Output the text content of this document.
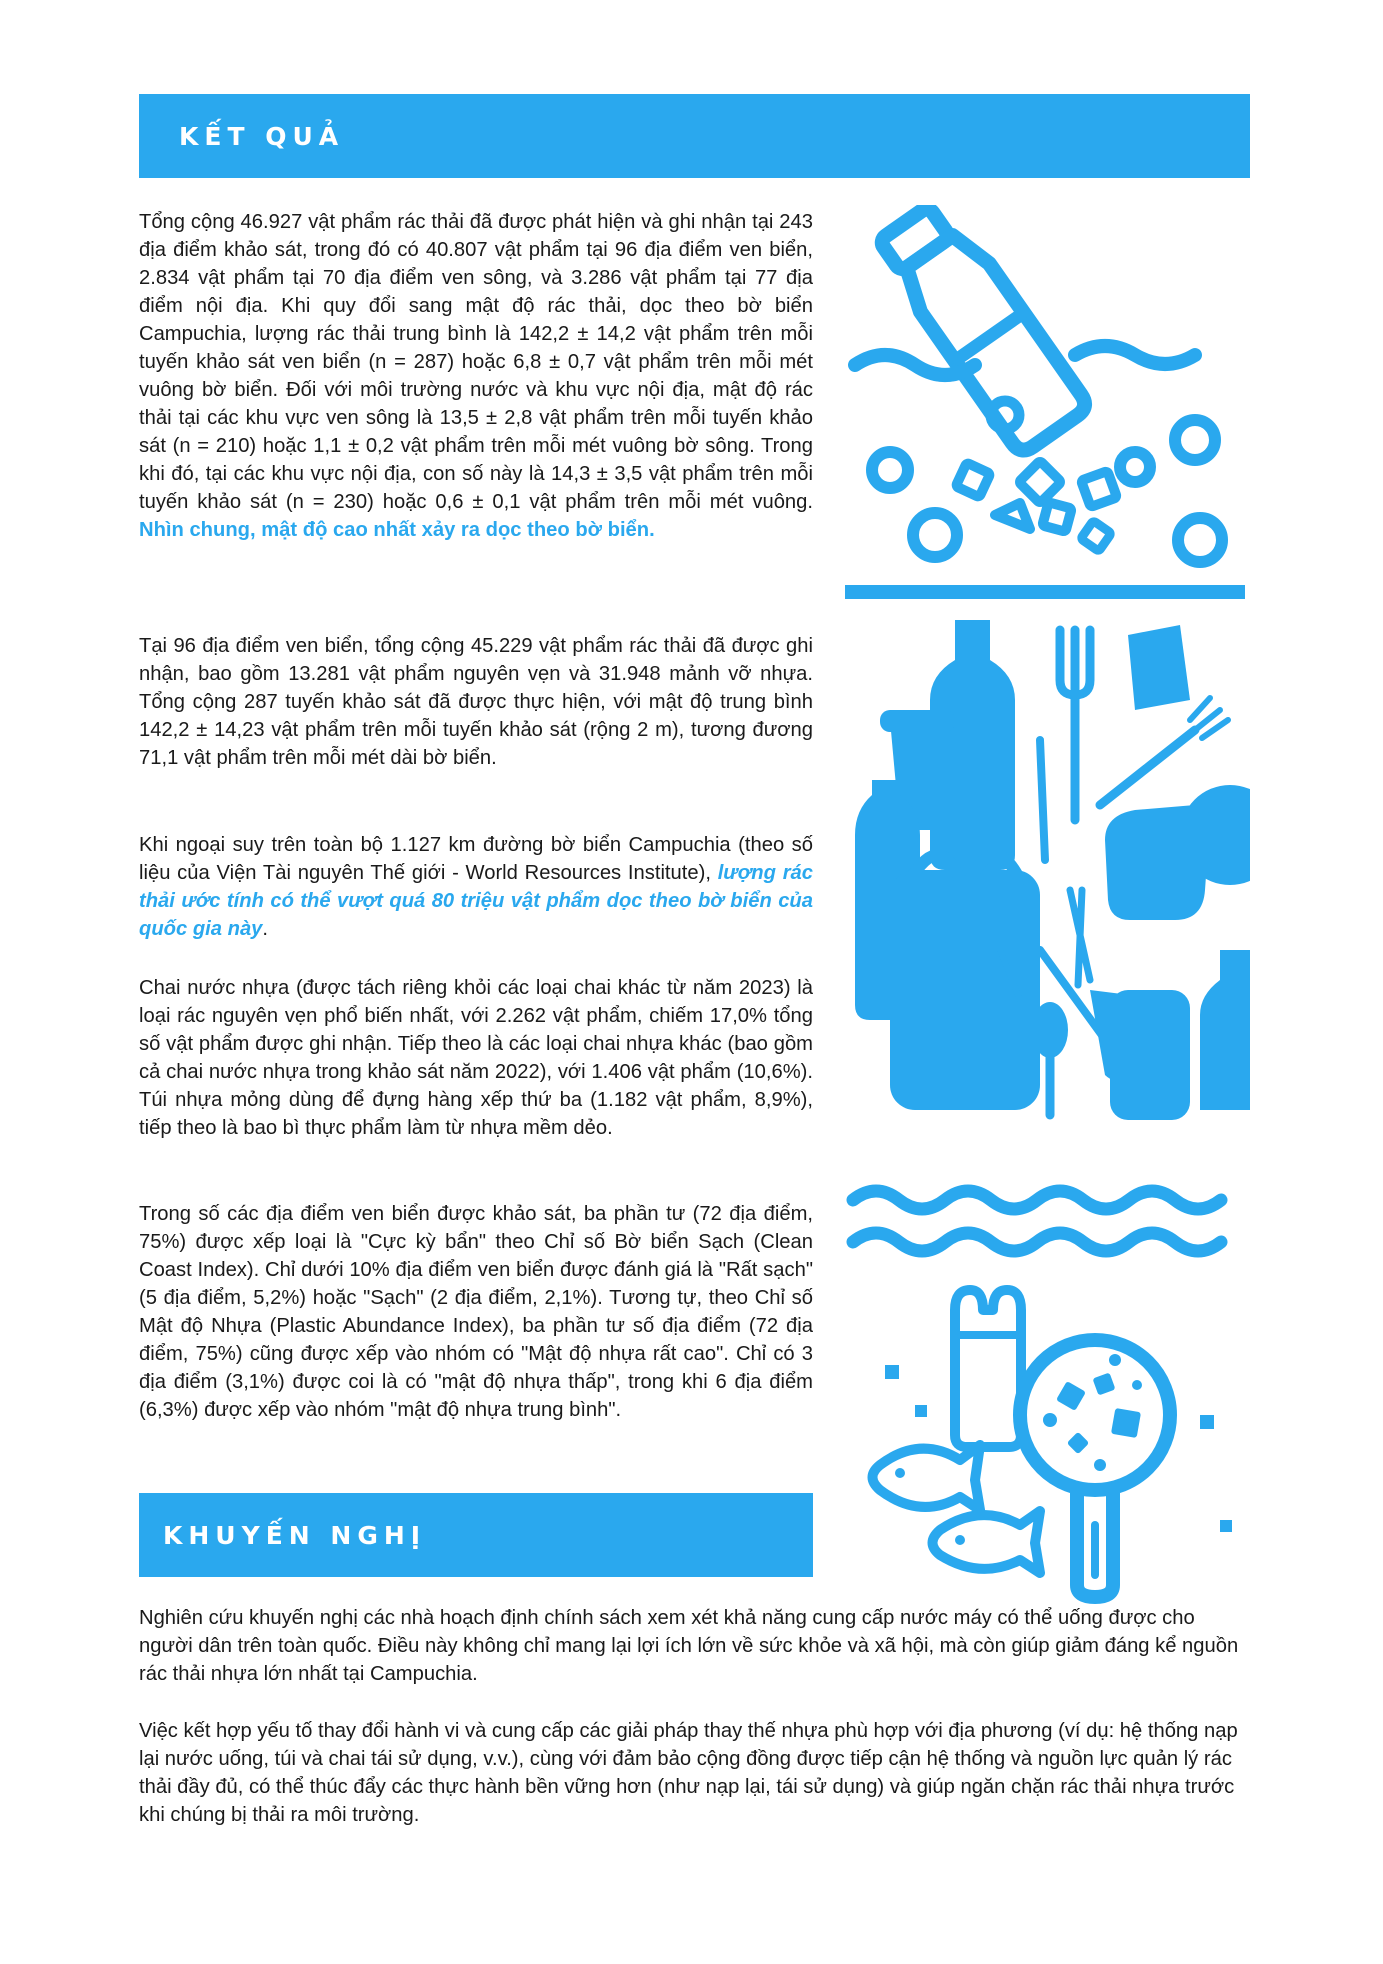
KẾT QUẢ

Tổng cộng 46.927 vật phẩm rác thải đã được phát hiện và ghi nhận tại 243 địa điểm khảo sát, trong đó có 40.807 vật phẩm tại 96 địa điểm ven biển, 2.834 vật phẩm tại 70 địa điểm ven sông, và 3.286 vật phẩm tại 77 địa điểm nội địa. Khi quy đổi sang mật độ rác thải, dọc theo bờ biển Campuchia, lượng rác thải trung bình là 142,2 ± 14,2 vật phẩm trên mỗi tuyến khảo sát ven biển (n = 287) hoặc 6,8 ± 0,7 vật phẩm trên mỗi mét vuông bờ biển. Đối với môi trường nước và khu vực nội địa, mật độ rác thải tại các khu vực ven sông là 13,5 ± 2,8 vật phẩm trên mỗi tuyến khảo sát (n = 210) hoặc 1,1 ± 0,2 vật phẩm trên mỗi mét vuông bờ sông. Trong khi đó, tại các khu vực nội địa, con số này là 14,3 ± 3,5 vật phẩm trên mỗi tuyến khảo sát (n = 230) hoặc 0,6 ± 0,1 vật phẩm trên mỗi mét vuông. Nhìn chung, mật độ cao nhất xảy ra dọc theo bờ biển.

Tại 96 địa điểm ven biển, tổng cộng 45.229 vật phẩm rác thải đã được ghi nhận, bao gồm 13.281 vật phẩm nguyên vẹn và 31.948 mảnh vỡ nhựa. Tổng cộng 287 tuyến khảo sát đã được thực hiện, với mật độ trung bình 142,2 ± 14,23 vật phẩm trên mỗi tuyến khảo sát (rộng 2 m), tương đương 71,1 vật phẩm trên mỗi mét dài bờ biển.

Khi ngoại suy trên toàn bộ 1.127 km đường bờ biển Campuchia (theo số liệu của Viện Tài nguyên Thế giới - World Resources Institute), lượng rác thải ước tính có thể vượt quá 80 triệu vật phẩm dọc theo bờ biển của quốc gia này.

Chai nước nhựa (được tách riêng khỏi các loại chai khác từ năm 2023) là loại rác nguyên vẹn phổ biến nhất, với 2.262 vật phẩm, chiếm 17,0% tổng số vật phẩm được ghi nhận. Tiếp theo là các loại chai nhựa khác (bao gồm cả chai nước nhựa trong khảo sát năm 2022), với 1.406 vật phẩm (10,6%). Túi nhựa mỏng dùng để đựng hàng xếp thứ ba (1.182 vật phẩm, 8,9%), tiếp theo là bao bì thực phẩm làm từ nhựa mềm dẻo.

Trong số các địa điểm ven biển được khảo sát, ba phần tư (72 địa điểm, 75%) được xếp loại là "Cực kỳ bẩn" theo Chỉ số Bờ biển Sạch (Clean Coast Index). Chỉ dưới 10% địa điểm ven biển được đánh giá là "Rất sạch" (5 địa điểm, 5,2%) hoặc "Sạch" (2 địa điểm, 2,1%). Tương tự, theo Chỉ số Mật độ Nhựa (Plastic Abundance Index), ba phần tư số địa điểm (72 địa điểm, 75%) cũng được xếp vào nhóm có "Mật độ nhựa rất cao". Chỉ có 3 địa điểm (3,1%) được coi là có "mật độ nhựa thấp", trong khi 6 địa điểm (6,3%) được xếp vào nhóm "mật độ nhựa trung bình".

KHUYẾN NGHỊ

Nghiên cứu khuyến nghị các nhà hoạch định chính sách xem xét khả năng cung cấp nước máy có thể uống được cho người dân trên toàn quốc. Điều này không chỉ mang lại lợi ích lớn về sức khỏe và xã hội, mà còn giúp giảm đáng kể nguồn rác thải nhựa lớn nhất tại Campuchia.

Việc kết hợp yếu tố thay đổi hành vi và cung cấp các giải pháp thay thế nhựa phù hợp với địa phương (ví dụ: hệ thống nạp lại nước uống, túi và chai tái sử dụng, v.v.), cùng với đảm bảo cộng đồng được tiếp cận hệ thống và nguồn lực quản lý rác thải đầy đủ, có thể thúc đẩy các thực hành bền vững hơn (như nạp lại, tái sử dụng) và giúp ngăn chặn rác thải nhựa trước khi chúng bị thải ra môi trường.
